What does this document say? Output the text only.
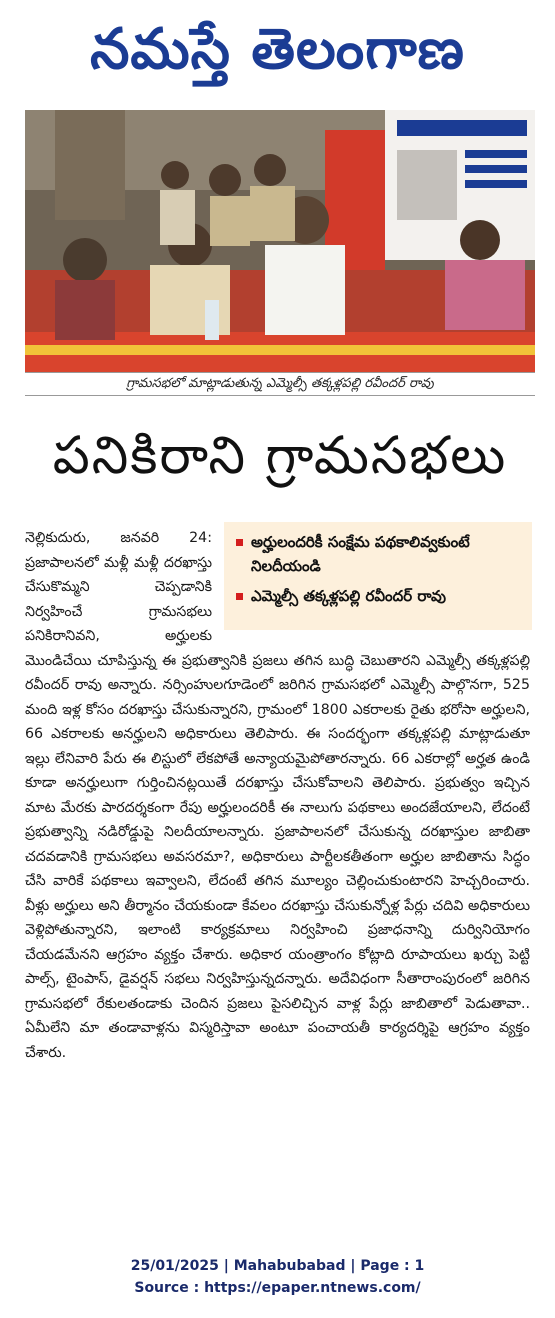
నమస్తే తెలంగాణ
గ్రామసభలో మాట్లాడుతున్న ఎమ్మెల్సీ తక్కళ్లపల్లి రవీందర్ రావు
పనికిరాని గ్రామసభలు
నెల్లికుదురు, జనవరి 24: ప్రజాపాలనలో మళ్లీ మళ్లీ దరఖాస్తు చేసుకొమ్మని చెప్పడానికి నిర్వహించే గ్రామసభలు పనికిరానివని, అర్హులకు మొండిచేయి చూపిస్తున్న ఈ ప్రభుత్వానికి ప్రజలు తగిన బుద్ధి చెబుతారని ఎమ్మెల్సీ తక్కళ్లపల్లి రవీందర్ రావు అన్నారు. నర్సింహులగూడెంలో జరిగిన గ్రామసభలో ఎమ్మెల్సీ పాల్గొనగా, 525 మంది ఇళ్ల కోసం దరఖాస్తు చేసుకున్నారని, గ్రామంలో 1800 ఎకరాలకు రైతు భరోసా అర్హులని, 66 ఎకరాలకు అనర్హులని అధికారులు తెలిపారు. ఈ సందర్భంగా తక్కళ్లపల్లి మాట్లాడుతూ ఇల్లు లేనివారి పేరు ఈ లిస్టులో లేకపోతే అన్యాయమైపోతారన్నారు. 66 ఎకరాల్లో అర్హత ఉండి కూడా అనర్హులుగా గుర్తించినట్లయితే దరఖాస్తు చేసుకోవాలని తెలిపారు. ప్రభుత్వం ఇచ్చిన మాట మేరకు పారదర్శకంగా రేపు అర్హులందరికీ ఈ నాలుగు పథకాలు అందజేయాలని, లేదంటే ప్రభుత్వాన్ని నడిరోడ్డుపై నిలదీయాలన్నారు. ప్రజాపాలనలో చేసుకున్న దరఖాస్తుల జాబితా చదవడానికి గ్రామసభలు అవసరమా?, అధికారులు పార్టీలకతీతంగా అర్హుల జాబితాను సిద్ధం చేసి వారికే పథకాలు ఇవ్వాలని, లేదంటే తగిన మూల్యం చెల్లించుకుంటారని హెచ్చరించారు. వీళ్లు అర్హులు అని తీర్మానం చేయకుండా కేవలం దరఖాస్తు చేసుకున్నోళ్ల పేర్లు చదివి అధికారులు వెళ్లిపోతున్నారని, ఇలాంటి కార్యక్రమాలు నిర్వహించి ప్రజాధనాన్ని దుర్వినియోగం చేయడమేనని ఆగ్రహం వ్యక్తం చేశారు. అధికార యంత్రాంగం కోట్లాది రూపాయలు ఖర్చు పెట్టి పాల్స్, టైంపాస్, డైవర్షన్ సభలు నిర్వహిస్తున్నదన్నారు. అదేవిధంగా సీతారాంపురంలో జరిగిన గ్రామసభలో రేకులతండాకు చెందిన ప్రజలు పైసలిచ్చిన వాళ్ల పేర్లు జాబితాలో పెడుతావా.. ఏమీలేని మా తండావాళ్లను విస్మరిస్తావా అంటూ పంచాయతీ కార్యదర్శిపై ఆగ్రహం వ్యక్తం చేశారు.
అర్హులందరికీ సంక్షేమ పథకాలివ్వకుంటే నిలదీయండి
ఎమ్మెల్సీ తక్కళ్లపల్లి రవీందర్ రావు
25/01/2025 | Mahabubabad | Page : 1
Source : https://epaper.ntnews.com/
